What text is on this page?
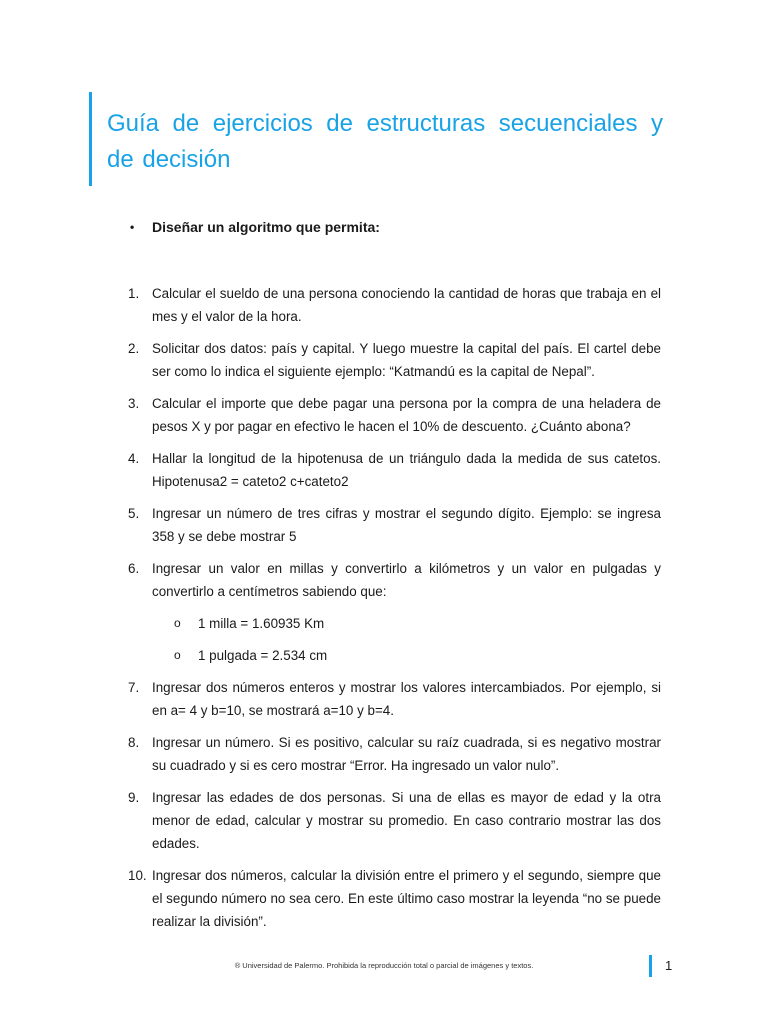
Guía de ejercicios de estructuras secuenciales y de decisión
•	Diseñar un algoritmo que permita:
1. Calcular el sueldo de una persona conociendo la cantidad de horas que trabaja en el mes y el valor de la hora.
2. Solicitar dos datos: país y capital. Y luego muestre la capital del país. El cartel debe ser como lo indica el siguiente ejemplo: “Katmandú es la capital de Nepal”.
3. Calcular el importe que debe pagar una persona por la compra de una heladera de pesos X y por pagar en efectivo le hacen el 10% de descuento. ¿Cuánto abona?
4. Hallar la longitud de la hipotenusa de un triángulo dada la medida de sus catetos. Hipotenusa2 = cateto2 c+cateto2
5. Ingresar un número de tres cifras y mostrar el segundo dígito. Ejemplo: se ingresa 358 y se debe mostrar 5
6. Ingresar un valor en millas y convertirlo a kilómetros y un valor en pulgadas y convertirlo a centímetros sabiendo que:
o	1 milla = 1.60935 Km
o	1 pulgada = 2.534 cm
7. Ingresar dos números enteros y mostrar los valores intercambiados. Por ejemplo, si en a= 4 y b=10, se mostrará a=10 y b=4.
8. Ingresar un número. Si es positivo, calcular su raíz cuadrada, si es negativo mostrar su cuadrado y si es cero mostrar “Error. Ha ingresado un valor nulo”.
9. Ingresar las edades de dos personas. Si una de ellas es mayor de edad y la otra menor de edad, calcular y mostrar su promedio. En caso contrario mostrar las dos edades.
10. Ingresar dos números, calcular la división entre el primero y el segundo, siempre que el segundo número no sea cero. En este último caso mostrar la leyenda “no se puede realizar la división”.
® Universidad de Palermo. Prohibida la reproducción total o parcial de imágenes y textos.	1
